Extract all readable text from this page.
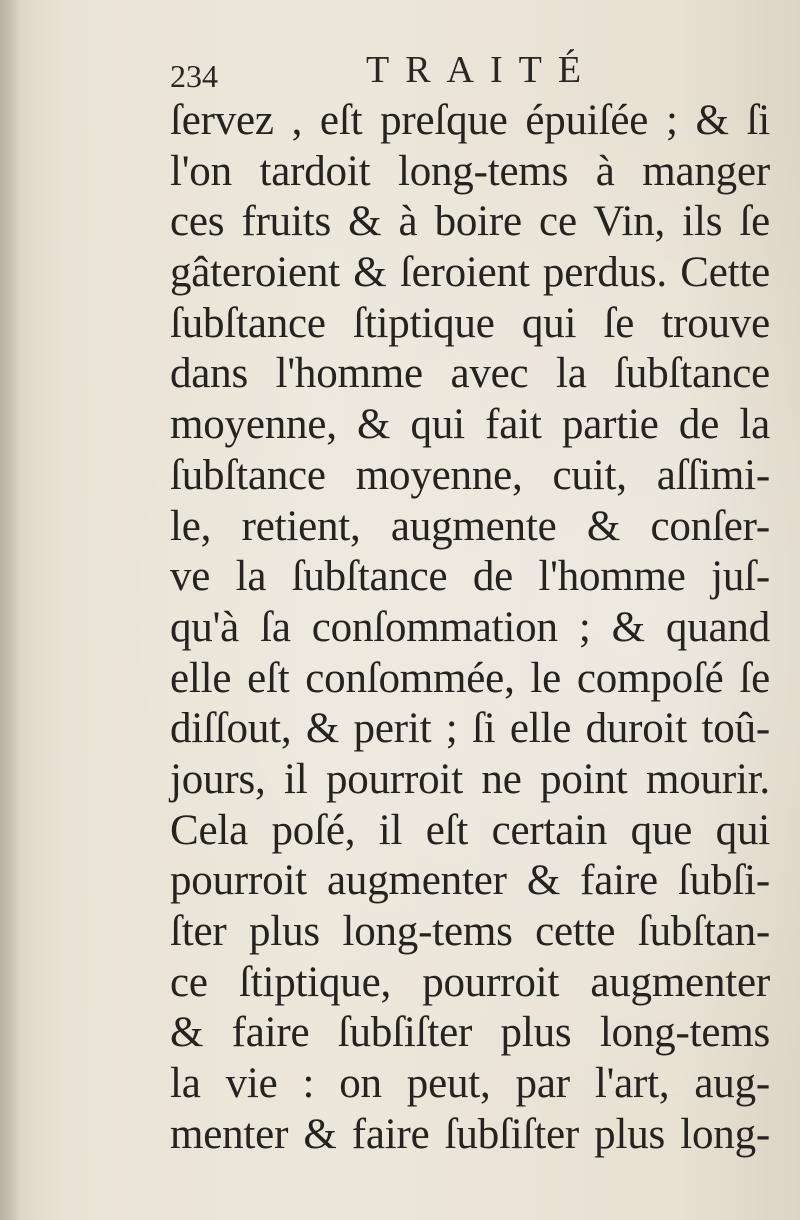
234	TRAITÉ
ſervez , eſt preſque épuiſée ; & ſi
l'on tardoit long-tems à manger
ces fruits & à boire ce Vin, ils ſe
gâteroient & ſeroient perdus. Cette
ſubſtance ſtiptique qui ſe trouve
dans l'homme avec la ſubſtance
moyenne, & qui fait partie de la
ſubſtance moyenne, cuit, aſſimi-
le, retient, augmente & conſer-
ve la ſubſtance de l'homme juſ-
qu'à ſa conſommation ; & quand
elle eſt conſommée, le compoſé ſe
diſſout, & perit ; ſi elle duroit toû-
jours, il pourroit ne point mourir.
Cela poſé, il eſt certain que qui
pourroit augmenter & faire ſubſi-
ſter plus long-tems cette ſubſtan-
ce ſtiptique, pourroit augmenter
& faire ſubſiſter plus long-tems
la vie : on peut, par l'art, aug-
menter & faire ſubſiſter plus long-
